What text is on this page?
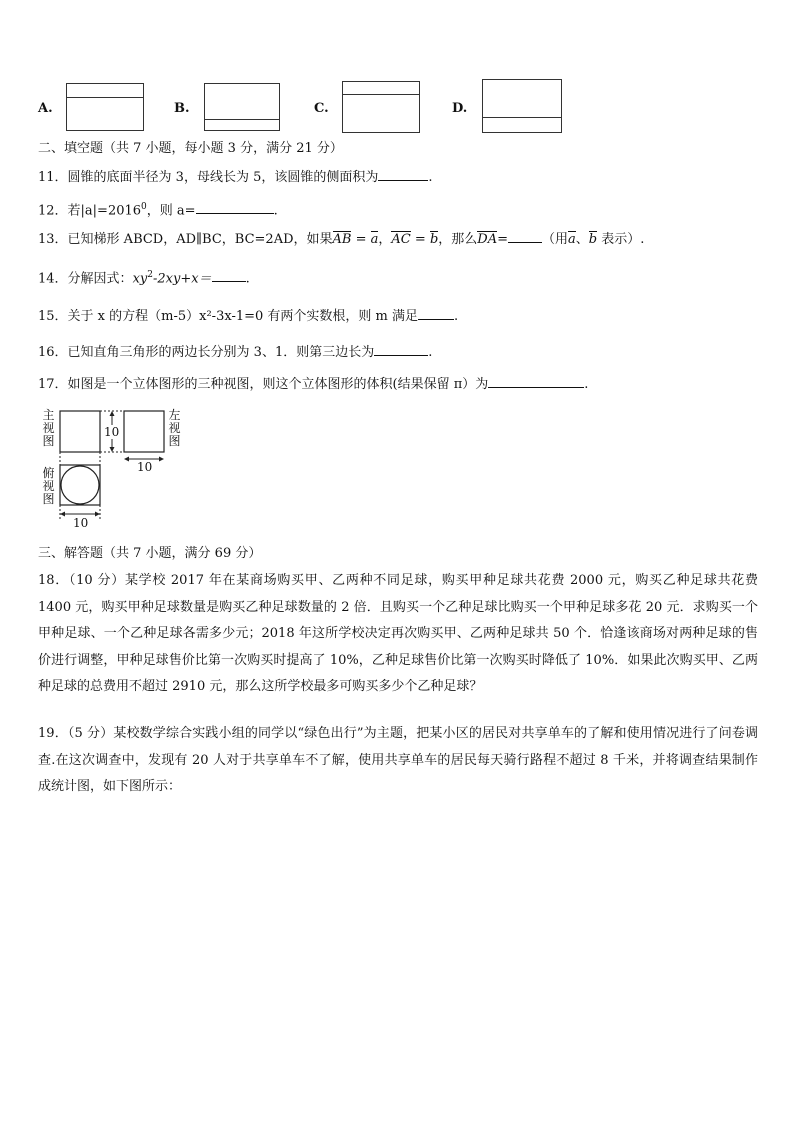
A.	B.	C.	D.
二、填空题（共 7 小题，每小题 3 分，满分 21 分）
11．圆锥的底面半径为 3，母线长为 5，该圆锥的侧面积为	.
12．若$|a|=2016^0$，则 a=	.
13．已知梯形 ABCD，AD∥BC，BC=2AD，如果AB = a，AC = b，那么DA=	（用a、b 表示）.
14．分解因式：$xy^2-2xy+x=$	.
15．关于 x 的方程（m-5）x²-3x-1=0 有两个实数根，则 m 满足	.
16．已知直角三角形的两边长分别为 3、1．则第三边长为	.
17．如图是一个立体图形的三种视图，则这个立体图形的体积(结果保留 π）为	.
主视图
左视图
俯视图
10
10
10
三、解答题（共 7 小题，满分 69 分）
18．（10 分）某学校 2017 年在某商场购买甲、乙两种不同足球，购买甲种足球共花费 2000 元，购买乙种足球共花费 1400 元，购买甲种足球数量是购买乙种足球数量的 2 倍．且购买一个乙种足球比购买一个甲种足球多花 20 元．求购买一个甲种足球、一个乙种足球各需多少元；2018 年这所学校决定再次购买甲、乙两种足球共 50 个．恰逢该商场对两种足球的售价进行调整，甲种足球售价比第一次购买时提高了 10%，乙种足球售价比第一次购买时降低了 10%．如果此次购买甲、乙两种足球的总费用不超过 2910 元，那么这所学校最多可购买多少个乙种足球？
19．（5 分）某校数学综合实践小组的同学以“绿色出行”为主题，把某小区的居民对共享单车的了解和使用情况进行了问卷调查.在这次调查中，发现有 20 人对于共享单车不了解，使用共享单车的居民每天骑行路程不超过 8 千米，并将调查结果制作成统计图，如下图所示：
